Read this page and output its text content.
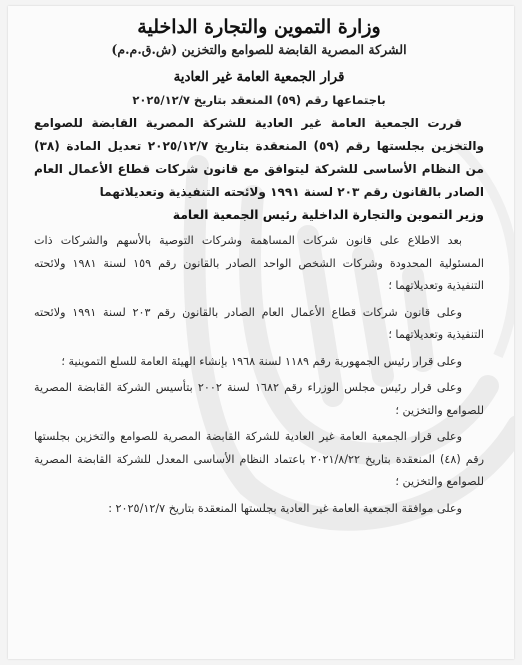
وزارة التموين والتجارة الداخلية
الشركة المصرية القابضة للصوامع والتخزين (ش.ق.م.م)
قرار الجمعية العامة غير العادية
باجتماعها رقم (٥٩) المنعقد بتاريخ ٢٠٢٥/١٢/٧
قررت الجمعية العامة غير العادية للشركة المصرية القابضة للصوامع والتخزين بجلستها رقم (٥٩) المنعقدة بتاريخ ٢٠٢٥/١٢/٧ تعديل المادة (٣٨) من النظام الأساسى للشركة ليتوافق مع قانون شركات قطاع الأعمال العام الصادر بالقانون رقم ٢٠٣ لسنة ١٩٩١ ولائحته التنفيذية وتعديلاتهما
وزير التموين والتجارة الداخلية رئيس الجمعية العامة
بعد الاطلاع على قانون شركات المساهمة وشركات التوصية بالأسهم والشركات ذات المسئولية المحدودة وشركات الشخص الواحد الصادر بالقانون رقم ١٥٩ لسنة ١٩٨١ ولائحته التنفيذية وتعديلاتهما ؛
وعلى قانون شركات قطاع الأعمال العام الصادر بالقانون رقم ٢٠٣ لسنة ١٩٩١ ولائحته التنفيذية وتعديلاتهما ؛
وعلى قرار رئيس الجمهورية رقم ١١٨٩ لسنة ١٩٦٨ بإنشاء الهيئة العامة للسلع التموينية ؛
وعلى قرار رئيس مجلس الوزراء رقم ١٦٨٢ لسنة ٢٠٠٢ بتأسيس الشركة القابضة المصرية للصوامع والتخزين ؛
وعلى قرار الجمعية العامة غير العادية للشركة القابضة المصرية للصوامع والتخزين بجلستها رقم (٤٨) المنعقدة بتاريخ ٢٠٢١/٨/٢٢ باعتماد النظام الأساسى المعدل للشركة القابضة المصرية للصوامع والتخزين ؛
وعلى موافقة الجمعية العامة غير العادية بجلستها المنعقدة بتاريخ ٢٠٢٥/١٢/٧ :
